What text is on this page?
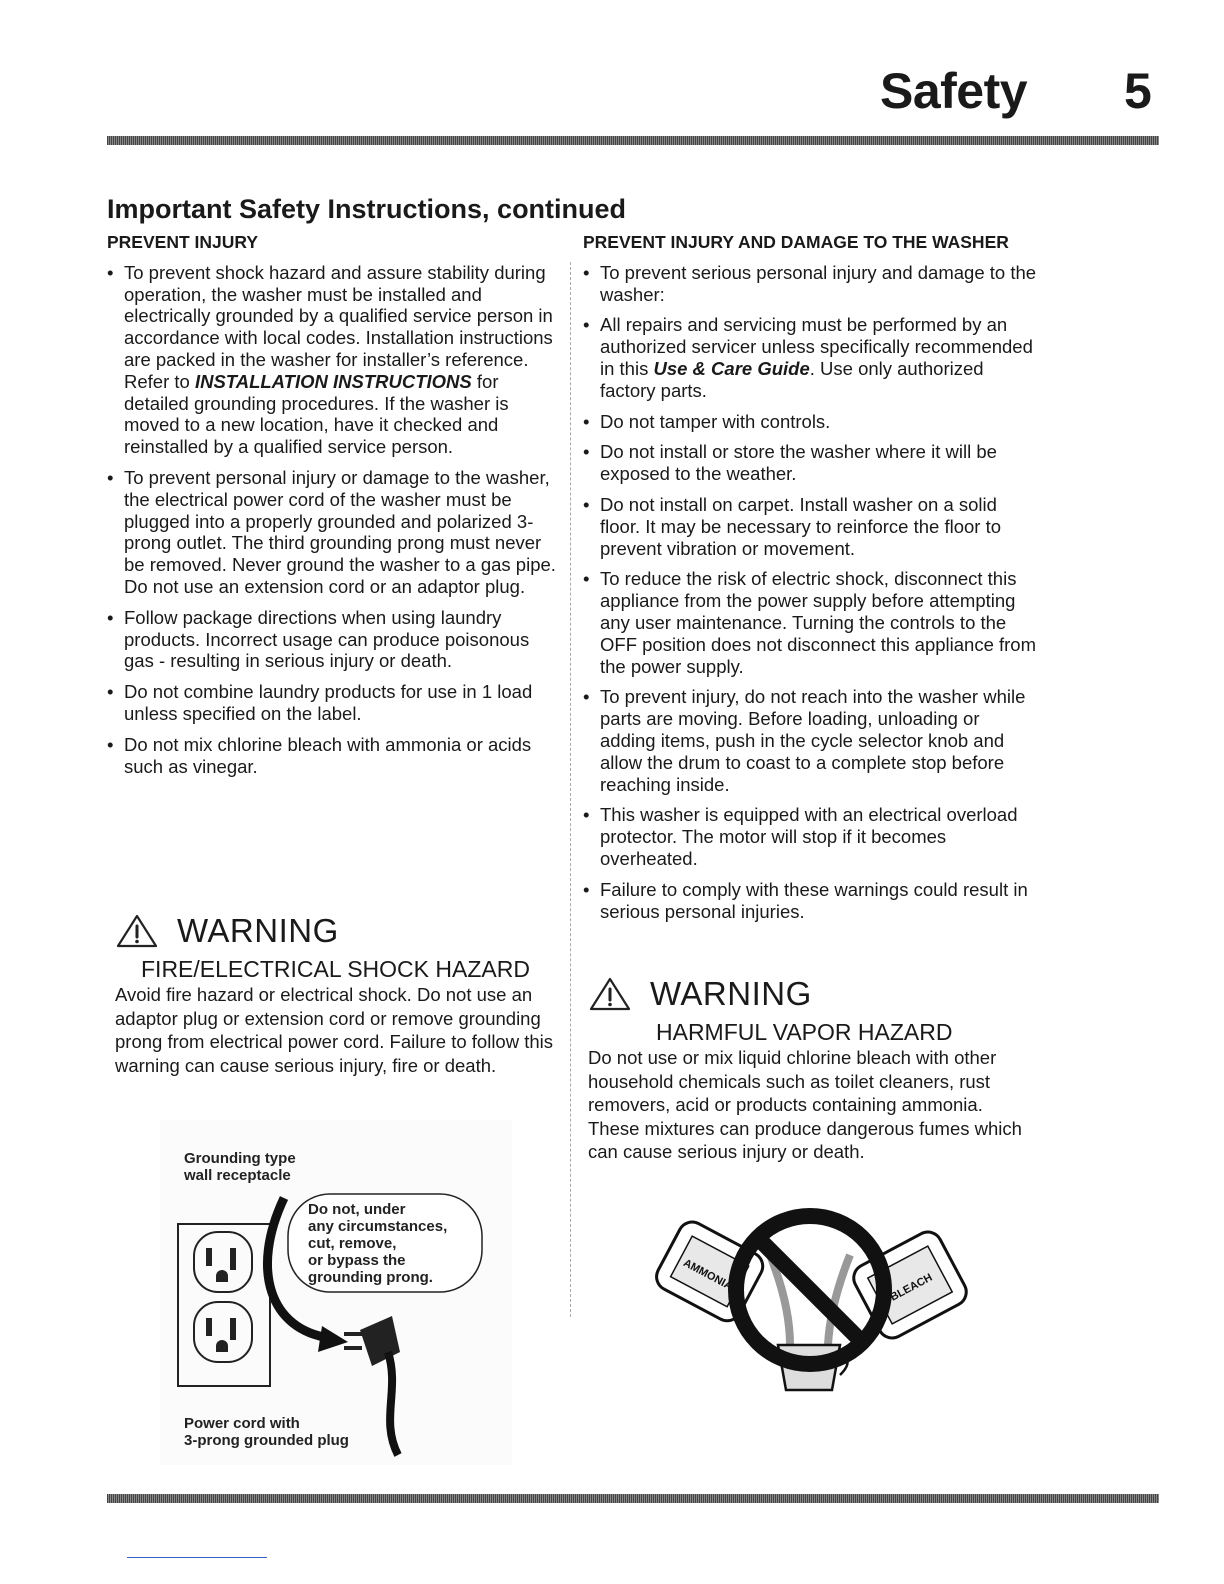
Safety 5
Important Safety Instructions, continued
PREVENT INJURY
• To prevent shock hazard and assure stability during operation, the washer must be installed and electrically grounded by a qualified service person in accordance with local codes. Installation instructions are packed in the washer for installer’s reference. Refer to INSTALLATION INSTRUCTIONS for detailed grounding procedures. If the washer is moved to a new location, have it checked and reinstalled by a qualified service person.
• To prevent personal injury or damage to the washer, the electrical power cord of the washer must be plugged into a properly grounded and polarized 3-prong outlet. The third grounding prong must never be removed. Never ground the washer to a gas pipe. Do not use an extension cord or an adaptor plug.
• Follow package directions when using laundry products. Incorrect usage can produce poisonous gas - resulting in serious injury or death.
• Do not combine laundry products for use in 1 load unless specified on the label.
• Do not mix chlorine bleach with ammonia or acids such as vinegar.
PREVENT INJURY AND DAMAGE TO THE WASHER
• To prevent serious personal injury and damage to the washer:
• All repairs and servicing must be performed by an authorized servicer unless specifically recommended in this Use & Care Guide. Use only authorized factory parts.
• Do not tamper with controls.
• Do not install or store the washer where it will be exposed to the weather.
• Do not install on carpet. Install washer on a solid floor. It may be necessary to reinforce the floor to prevent vibration or movement.
• To reduce the risk of electric shock, disconnect this appliance from the power supply before attempting any user maintenance. Turning the controls to the OFF position does not disconnect this appliance from the power supply.
• To prevent injury, do not reach into the washer while parts are moving. Before loading, unloading or adding items, push in the cycle selector knob and allow the drum to coast to a complete stop before reaching inside.
• This washer is equipped with an electrical overload protector. The motor will stop if it becomes overheated.
• Failure to comply with these warnings could result in serious personal injuries.
WARNING
FIRE/ELECTRICAL SHOCK HAZARD
Avoid fire hazard or electrical shock. Do not use an adaptor plug or extension cord or remove grounding prong from electrical power cord. Failure to follow this warning can cause serious injury, fire or death.
Grounding type wall receptacle Do not, under any circumstances, cut, remove, or bypass the grounding prong. Power cord with 3-prong grounded plug
WARNING
HARMFUL VAPOR HAZARD
Do not use or mix liquid chlorine bleach with other household chemicals such as toilet cleaners, rust removers, acid or products containing ammonia. These mixtures can produce dangerous fumes which can cause serious injury or death.
AMMONIA	BLEACH
